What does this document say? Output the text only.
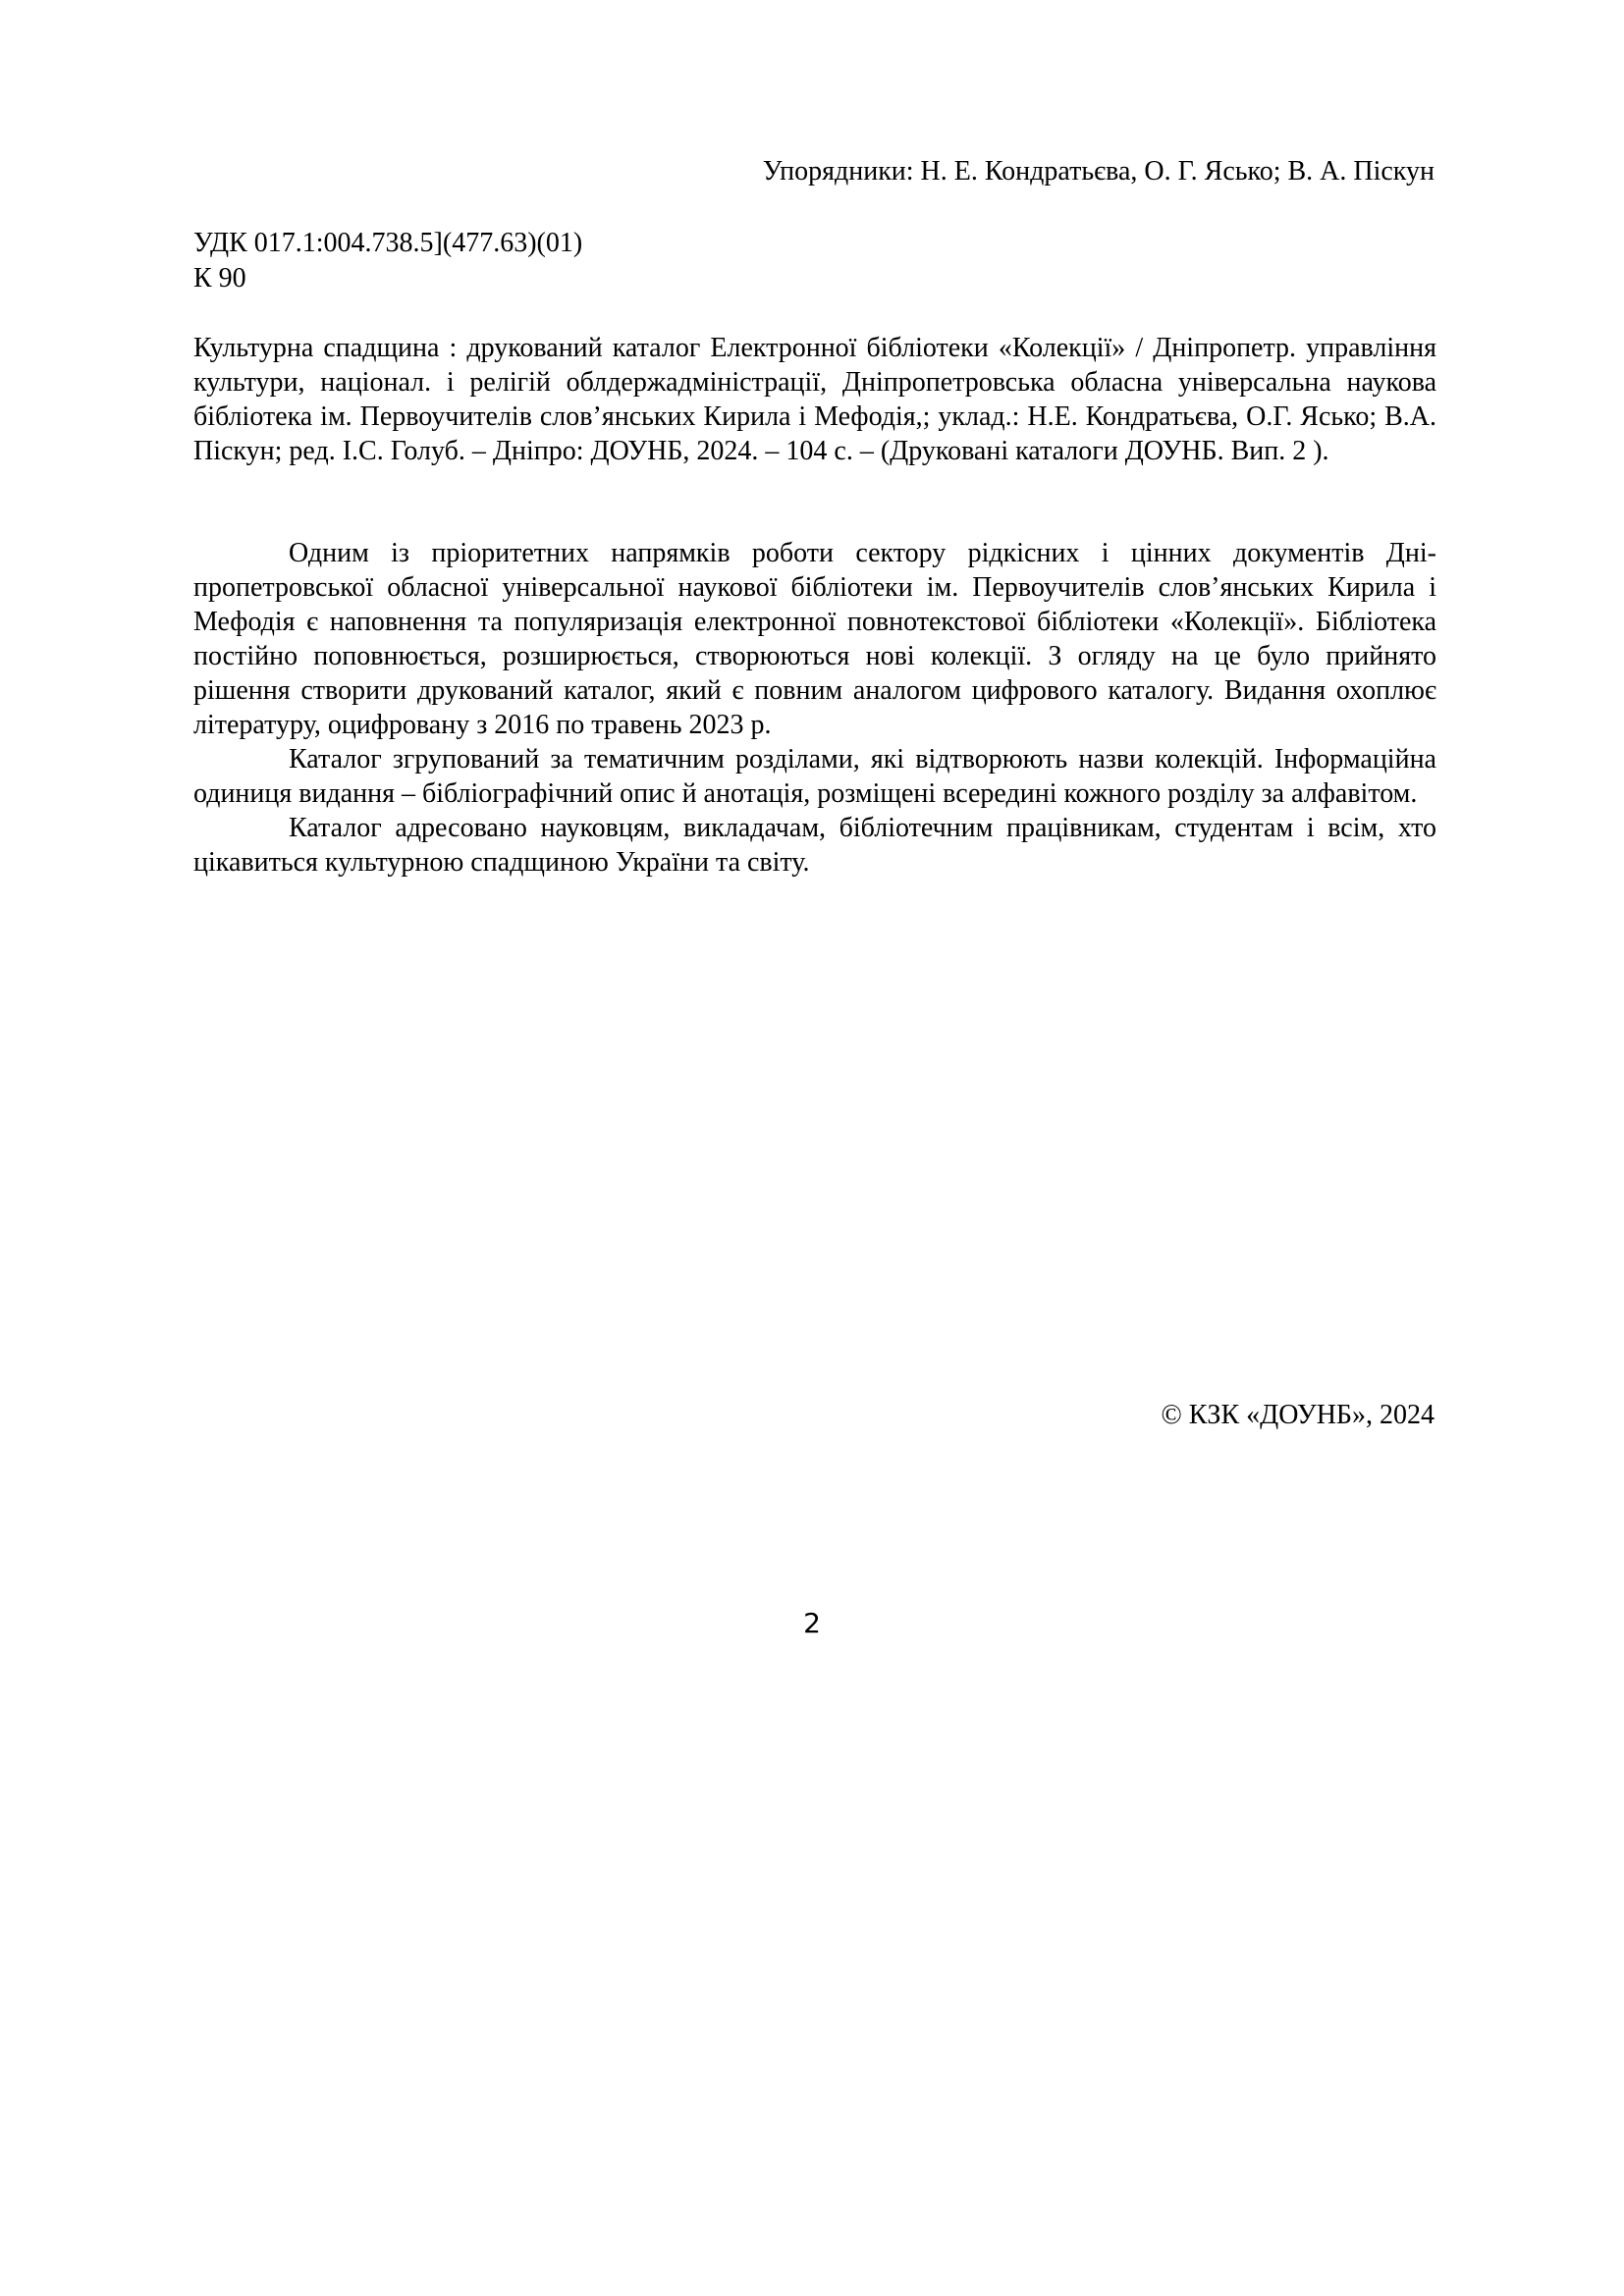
Упорядники: Н. Е. Кондратьєва, О. Г. Ясько; В. А. Піскун
УДК 017.1:004.738.5](477.63)(01)
К 90
Культурна спадщина : друкований каталог Електронної бібліотеки «Колекції» / Дніпропетр. управління культури, націонал. і релігій облдержадміністрації, Дніпропетровська обласна універсальна наукова бібліотека ім. Первоучителів слов’янських Кирила і Мефодія,; уклад.: Н.Е. Кондратьєва, О.Г. Ясько; В.А. Піскун; ред. І.С. Голуб. – Дніпро: ДОУНБ, 2024. – 104 с. – (Друковані каталоги ДОУНБ. Вип. 2 ).

Одним із пріоритетних напрямків роботи сектору рідкісних і цінних документів Дніпропетровської обласної універсальної наукової бібліотеки ім. Первоучителів слов’янських Кирила і Мефодія є наповнення та популяризація електронної повнотекстової бібліотеки «Колекції». Бібліотека постійно поповнюється, розширюється, створюються нові колекції. З огляду на це було прийнято рішення створити друкований каталог, який є повним аналогом цифрового каталогу. Видання охоплює літературу, оцифровану з 2016 по травень 2023 р.

Каталог згрупований за тематичним розділами, які відтворюють назви колекцій. Інформаційна одиниця видання – бібліографічний опис й анотація, розміщені всередині кожного розділу за алфавітом.

Каталог адресовано науковцям, викладачам, бібліотечним працівникам, студентам і всім, хто цікавиться культурною спадщиною України та світу.

© КЗК «ДОУНБ», 2024
2
